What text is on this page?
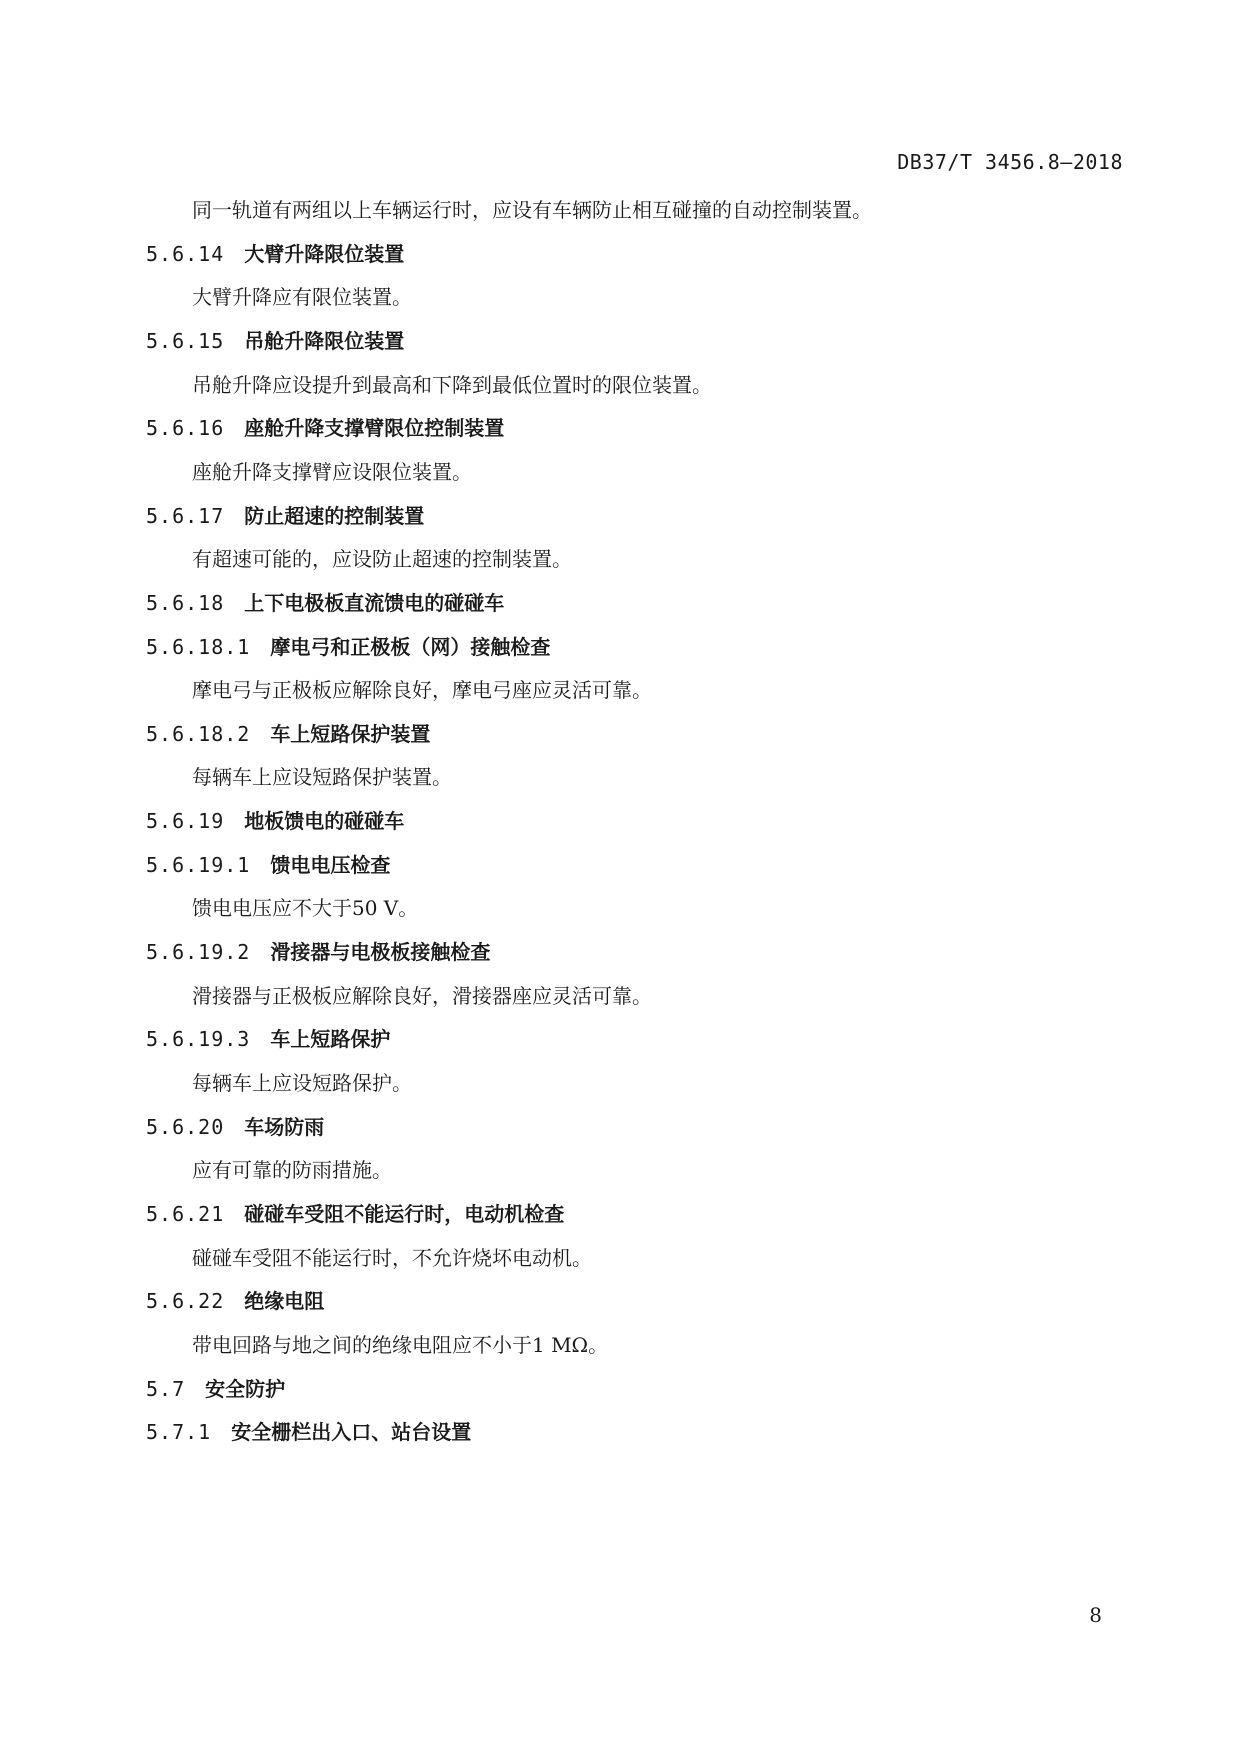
DB37/T 3456.8—2018
同一轨道有两组以上车辆运行时，应设有车辆防止相互碰撞的自动控制装置。
5.6.14 大臂升降限位装置
大臂升降应有限位装置。
5.6.15 吊舱升降限位装置
吊舱升降应设提升到最高和下降到最低位置时的限位装置。
5.6.16 座舱升降支撑臂限位控制装置
座舱升降支撑臂应设限位装置。
5.6.17 防止超速的控制装置
有超速可能的，应设防止超速的控制装置。
5.6.18 上下电极板直流馈电的碰碰车
5.6.18.1 摩电弓和正极板（网）接触检查
摩电弓与正极板应解除良好，摩电弓座应灵活可靠。
5.6.18.2 车上短路保护装置
每辆车上应设短路保护装置。
5.6.19 地板馈电的碰碰车
5.6.19.1 馈电电压检查
馈电电压应不大于50 V。
5.6.19.2 滑接器与电极板接触检查
滑接器与正极板应解除良好，滑接器座应灵活可靠。
5.6.19.3 车上短路保护
每辆车上应设短路保护。
5.6.20 车场防雨
应有可靠的防雨措施。
5.6.21 碰碰车受阻不能运行时，电动机检查
碰碰车受阻不能运行时，不允许烧坏电动机。
5.6.22 绝缘电阻
带电回路与地之间的绝缘电阻应不小于1 MΩ。
5.7 安全防护
5.7.1 安全栅栏出入口、站台设置
8
